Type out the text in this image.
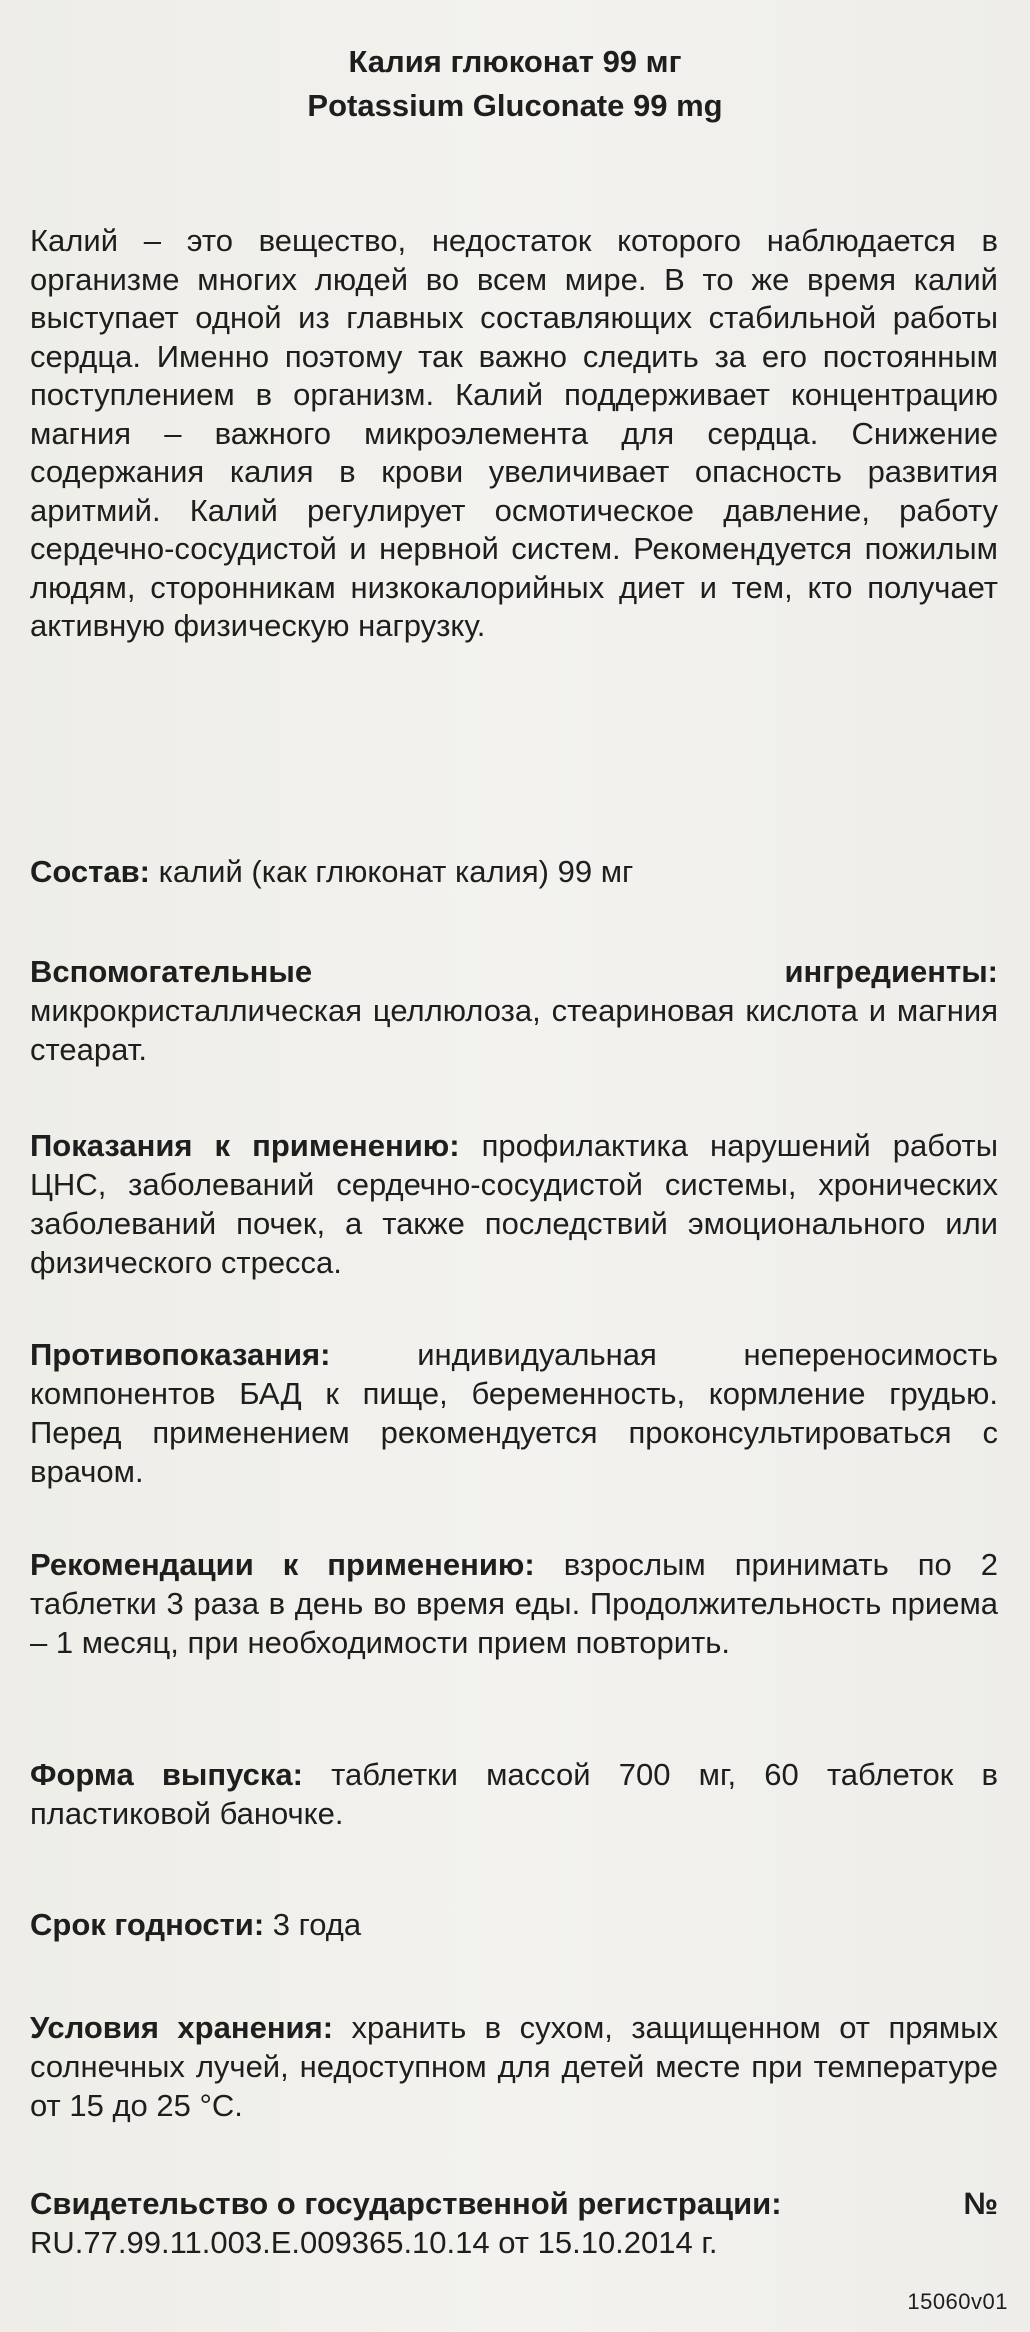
Калия глюконат 99 мг
Potassium Gluconate 99 mg
Калий – это вещество, недостаток которого наблюдается в организме многих людей во всем мире. В то же время калий выступает одной из главных составляющих стабильной работы сердца. Именно поэтому так важно следить за его постоянным поступлением в организм. Калий поддерживает концентрацию магния – важного микроэлемента для сердца. Снижение содержания калия в крови увеличивает опасность развития аритмий. Калий регулирует осмотическое давление, работу сердечно-сосудистой и нервной систем. Рекомендуется пожилым людям, сторонникам низкокалорийных диет и тем, кто получает активную физическую нагрузку.
Состав: калий (как глюконат калия) 99 мг
Вспомогательные	ингредиенты:
микрокристаллическая целлюлоза, стеариновая кислота и магния стеарат.
Показания к применению: профилактика нарушений работы ЦНС, заболеваний сердечно-сосудистой системы, хронических заболеваний почек, а также последствий эмоционального или физического стресса.
Противопоказания: индивидуальная непереносимость компонентов БАД к пище, беременность, кормление грудью. Перед применением рекомендуется проконсультироваться с врачом.
Рекомендации к применению: взрослым принимать по 2 таблетки 3 раза в день во время еды. Продолжительность приема – 1 месяц, при необходимости прием повторить.
Форма выпуска: таблетки массой 700 мг, 60 таблеток в пластиковой баночке.
Срок годности: 3 года
Условия хранения: хранить в сухом, защищенном от прямых солнечных лучей, недоступном для детей месте при температуре от 15 до 25 °С.
Свидетельство о государственной регистрации:	№
RU.77.99.11.003.Е.009365.10.14 от 15.10.2014 г.
15060v01
